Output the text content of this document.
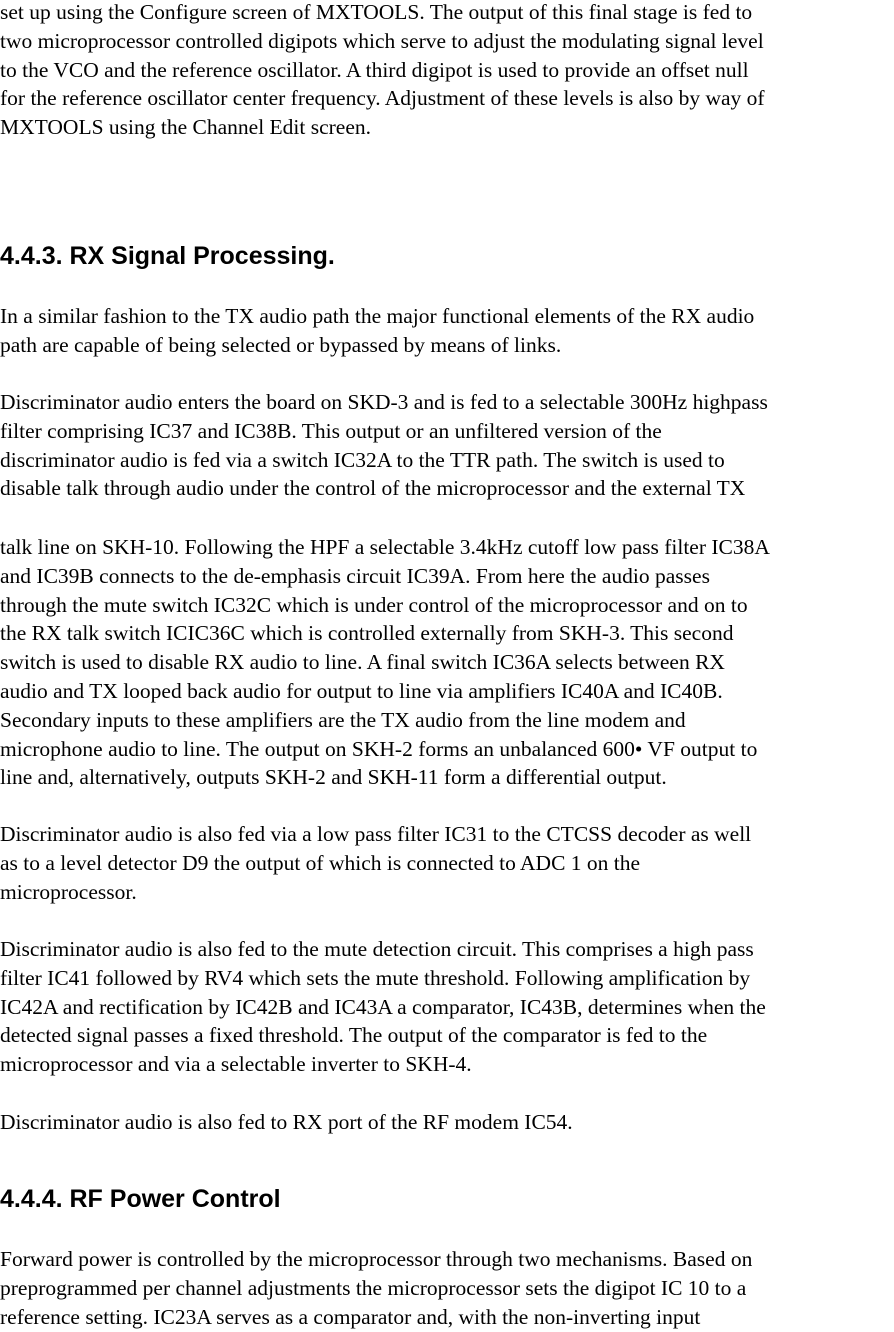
set up using the Configure screen of MXTOOLS. The output of this final stage is fed to
two microprocessor controlled digipots which serve to adjust the modulating signal level
to the VCO and the reference oscillator. A third digipot is used to provide an offset null
for the reference oscillator center frequency. Adjustment of these levels is also by way of
MXTOOLS using the Channel Edit screen.

4.4.3. RX Signal Processing.

In a similar fashion to the TX audio path the major functional elements of the RX audio
path are capable of being selected or bypassed by means of links.

Discriminator audio enters the board on SKD-3 and is fed to a selectable 300Hz highpass
filter comprising IC37 and IC38B. This output or an unfiltered version of the
discriminator audio is fed via a switch IC32A to the TTR path. The switch is used to
disable talk through audio under the control of the microprocessor and the external TX

talk line on SKH-10. Following the HPF a selectable 3.4kHz cutoff low pass filter IC38A
and IC39B connects to the de-emphasis circuit IC39A. From here the audio passes
through the mute switch IC32C which is under control of the microprocessor and on to
the RX talk switch ICIC36C which is controlled externally from SKH-3. This second
switch is used to disable RX audio to line. A final switch IC36A selects between RX
audio and TX looped back audio for output to line via amplifiers IC40A and IC40B.
Secondary inputs to these amplifiers are the TX audio from the line modem and
microphone audio to line. The output on SKH-2 forms an unbalanced 600• VF output to
line and, alternatively, outputs SKH-2 and SKH-11 form a differential output.

Discriminator audio is also fed via a low pass filter IC31 to the CTCSS decoder as well
as to a level detector D9 the output of which is connected to ADC 1 on the
microprocessor.

Discriminator audio is also fed to the mute detection circuit. This comprises a high pass
filter IC41 followed by RV4 which sets the mute threshold. Following amplification by
IC42A and rectification by IC42B and IC43A a comparator, IC43B, determines when the
detected signal passes a fixed threshold. The output of the comparator is fed to the
microprocessor and via a selectable inverter to SKH-4.

Discriminator audio is also fed to RX port of the RF modem IC54.

4.4.4. RF Power Control

Forward power is controlled by the microprocessor through two mechanisms. Based on
preprogrammed per channel adjustments the microprocessor sets the digipot IC 10 to a
reference setting. IC23A serves as a comparator and, with the non-inverting input
